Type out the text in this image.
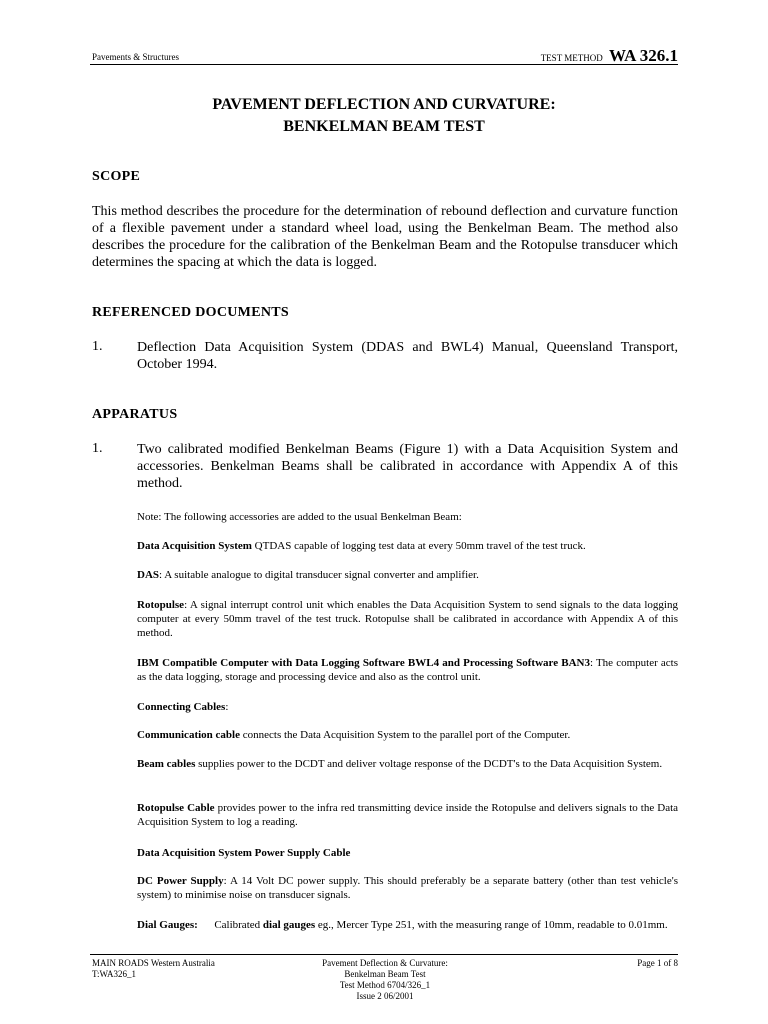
Pavements & Structures	TEST METHOD WA 326.1
PAVEMENT DEFLECTION AND CURVATURE:
BENKELMAN BEAM TEST
SCOPE
This method describes the procedure for the determination of rebound deflection and curvature function of a flexible pavement under a standard wheel load, using the Benkelman Beam. The method also describes the procedure for the calibration of the Benkelman Beam and the Rotopulse transducer which determines the spacing at which the data is logged.
REFERENCED DOCUMENTS
1. Deflection Data Acquisition System (DDAS and BWL4) Manual, Queensland Transport, October 1994.
APPARATUS
1. Two calibrated modified Benkelman Beams (Figure 1) with a Data Acquisition System and accessories. Benkelman Beams shall be calibrated in accordance with Appendix A of this method.
Note: The following accessories are added to the usual Benkelman Beam:
Data Acquisition System QTDAS capable of logging test data at every 50mm travel of the test truck.
DAS: A suitable analogue to digital transducer signal converter and amplifier.
Rotopulse: A signal interrupt control unit which enables the Data Acquisition System to send signals to the data logging computer at every 50mm travel of the test truck. Rotopulse shall be calibrated in accordance with Appendix A of this method.
IBM Compatible Computer with Data Logging Software BWL4 and Processing Software BAN3: The computer acts as the data logging, storage and processing device and also as the control unit.
Connecting Cables:
Communication cable connects the Data Acquisition System to the parallel port of the Computer.
Beam cables supplies power to the DCDT and deliver voltage response of the DCDT's to the Data Acquisition System.
Rotopulse Cable provides power to the infra red transmitting device inside the Rotopulse and delivers signals to the Data Acquisition System to log a reading.
Data Acquisition System Power Supply Cable
DC Power Supply: A 14 Volt DC power supply. This should preferably be a separate battery (other than test vehicle's system) to minimise noise on transducer signals.
Dial Gauges:      Calibrated dial gauges eg., Mercer Type 251, with the measuring range of 10mm, readable to 0.01mm.
MAIN ROADS Western Australia
T:WA326_1
Pavement Deflection & Curvature:
Benkelman Beam Test
Test Method 6704/326_1
Issue 2 06/2001
Page 1 of 8
